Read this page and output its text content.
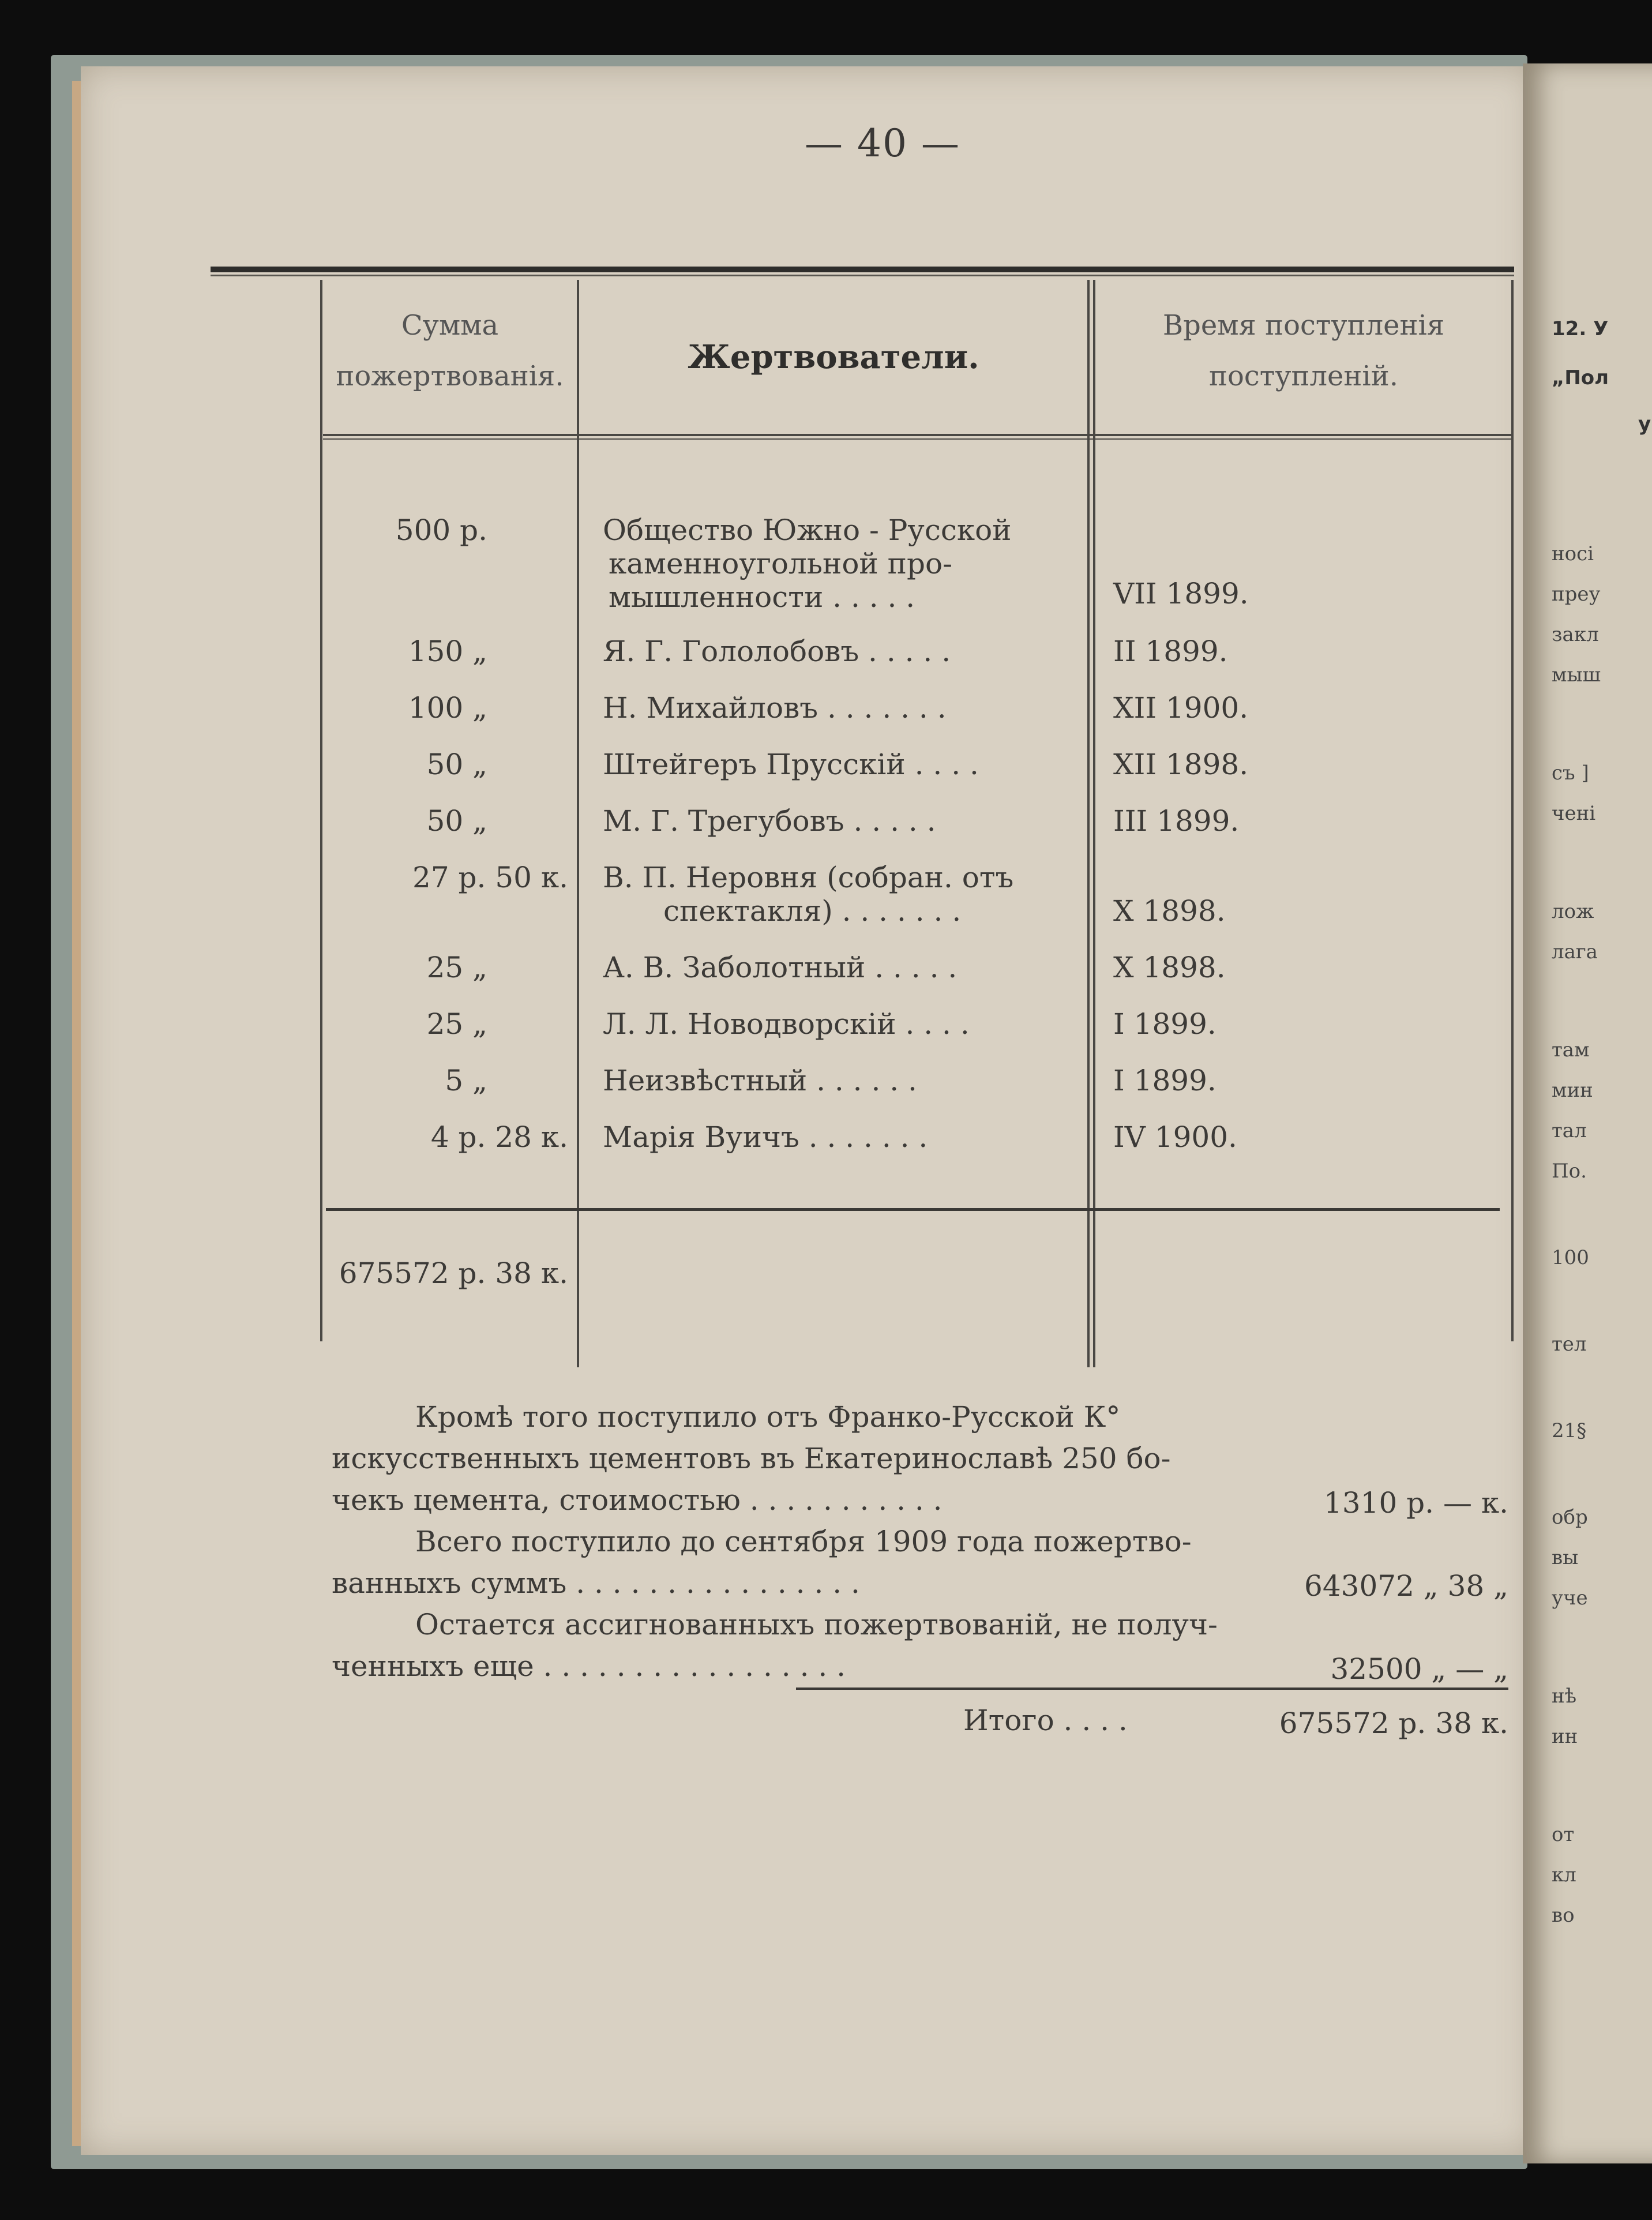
— 40 —
Сумма
пожертвованія.	Жертвователи.
Время поступленія
поступленій.
500 р.	Общество Южно - Русской
каменноугольной про-
мышленности . . . . .	VII 1899.
150 „	Я. Г. Гололобовъ . . . . .	II 1899.
100 „	Н. Михайловъ . . . . . . .	XII 1900.
50 „	Штейгеръ Прусскій . . . .	XII 1898.
50 „	М. Г. Трегубовъ . . . . .	III 1899.
27 р. 50 к. В. П. Неровня (собран. отъ
спектакля) . . . . . . .	X 1898.
25 „	А. В. Заболотный . . . . .	X 1898.
25 „	Л. Л. Новодворскій . . . .	I 1899.
5 „	Неизвѣстный . . . . . .	I 1899.
4 р. 28 к. Марія Вуичъ . . . . . . .	IV 1900.
675572 р. 38 к.
Кромѣ того поступило отъ Франко-Русской К°
искусственныхъ цементовъ въ Екатеринославѣ 250 бо-
чекъ цемента, стоимостью . . . . . . . . . . .	1310 р. — к.
Всего поступило до сентября 1909 года пожертво-
ванныхъ суммъ . . . . . . . . . . . . . . . .	643072 „ 38 „
Остается ассигнованныхъ пожертвованій, не получ-
ченныхъ еще . . . . . . . . . . . . . . . . .	32500 „ — „
Итого . . . .	675572 р. 38 к.
12. У
„Пол
у
носі
преу
закл
мыш
съ ]
ченi
лож
лага
там
мин
тал
По.
100
тел
21§
обр
вы
уче
нѣ
ин
от
кл
во
